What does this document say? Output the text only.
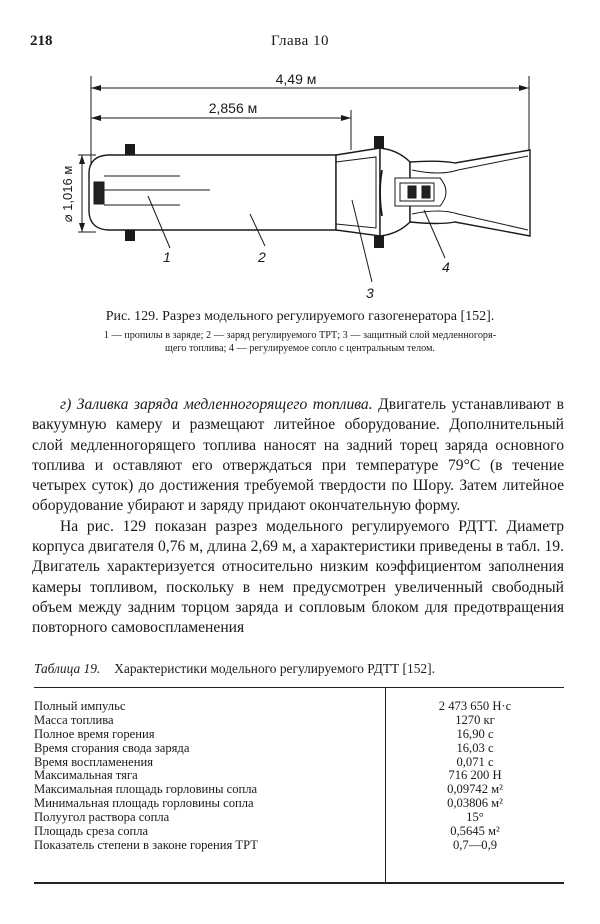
218	Глава 10
4,49 м
2,856 м
⌀ 1,016 м
1	2
3
4
Рис. 129. Разрез модельного регулируемого газогенератора [152].
1 — пропилы в заряде; 2 — заряд регулируемого ТРТ; 3 — защитный слой медленногоря-
щего топлива; 4 — регулируемое сопло с центральным телом.

г) Заливка заряда медленногорящего топлива. Двигатель устанавливают в вакуумную камеру и размещают литейное оборудование. Дополнительный слой медленногорящего топлива наносят на задний торец заряда основного топлива и оставляют его отверждаться при температуре 79°C (в течение четырех суток) до достижения требуемой твердости по Шору. Затем литейное оборудование убирают и заряду придают окончательную форму.

На рис. 129 показан разрез модельного регулируемого РДТТ. Диаметр корпуса двигателя 0,76 м, длина 2,69 м, а характеристики приведены в табл. 19. Двигатель характеризуется относительно низким коэффициентом заполнения камеры топливом, поскольку в нем предусмотрен увеличенный свободный объем между задним торцом заряда и сопловым блоком для предотвращения повторного самовоспламенения

Таблица 19. Характеристики модельного регулируемого РДТТ [152].
Полный импульс
Масса топлива
Полное время горения
Время сгорания свода заряда
Время воспламенения
Максимальная тяга
Максимальная площадь горловины сопла
Минимальная площадь горловины сопла
Полуугол раствора сопла
Площадь среза сопла
Показатель степени в законе горения ТРТ
2 473 650 Н·с
1270 кг
16,90 с
16,03 с
0,071 с
716 200 Н
0,09742 м²
0,03806 м²
15°
0,5645 м²
0,7—0,9
